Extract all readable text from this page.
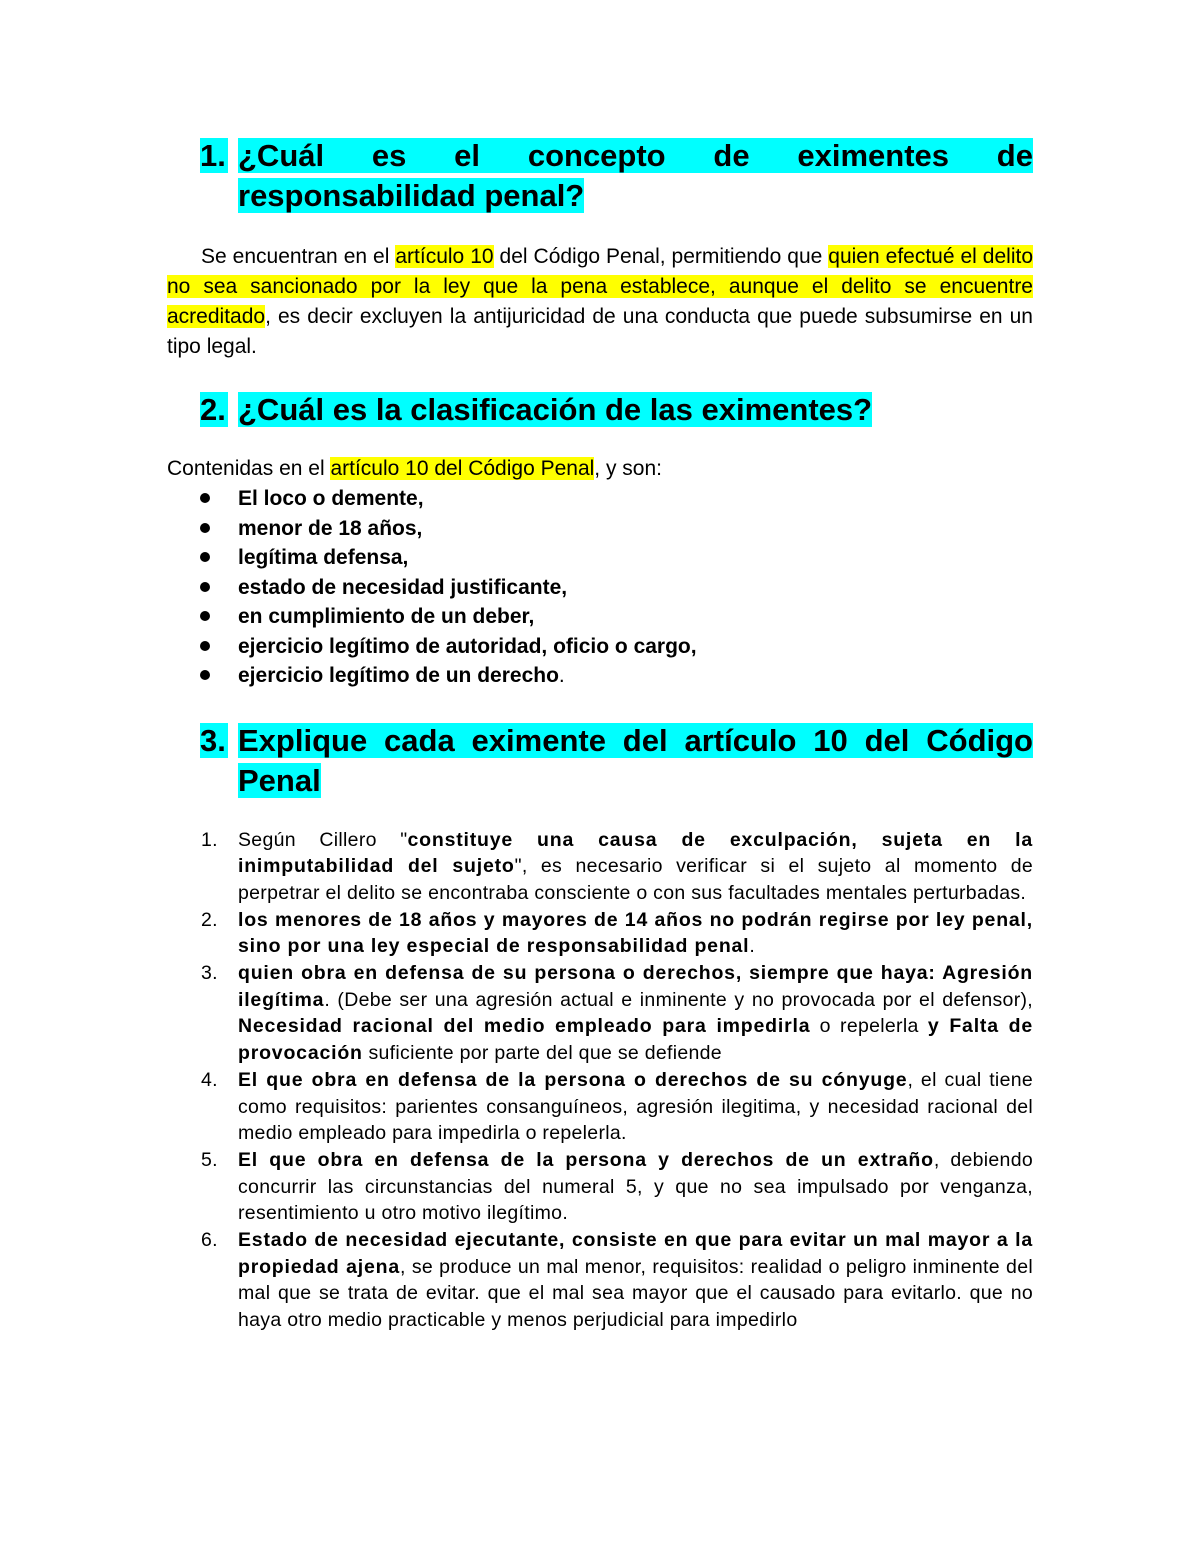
1. ¿Cuál es el concepto de eximentes de responsabilidad penal?

Se encuentran en el artículo 10 del Código Penal, permitiendo que quien efectué el delito no sea sancionado por la ley que la pena establece, aunque el delito se encuentre acreditado, es decir excluyen la antijuricidad de una conducta que puede subsumirse en un tipo legal.

2. ¿Cuál es la clasificación de las eximentes?

Contenidas en el artículo 10 del Código Penal, y son:

El loco o demente,
menor de 18 años,
legítima defensa,
estado de necesidad justificante,
en cumplimiento de un deber,
ejercicio legítimo de autoridad, oficio o cargo,
ejercicio legítimo de un derecho.
3. Explique cada eximente del artículo 10 del Código Penal
1. Según Cillero "constituye una causa de exculpación, sujeta en la inimputabilidad del sujeto", es necesario verificar si el sujeto al momento de perpetrar el delito se encontraba consciente o con sus facultades mentales perturbadas.
2. los menores de 18 años y mayores de 14 años no podrán regirse por ley penal, sino por una ley especial de responsabilidad penal.
3. quien obra en defensa de su persona o derechos, siempre que haya: Agresión ilegítima. (Debe ser una agresión actual e inminente y no provocada por el defensor), Necesidad racional del medio empleado para impedirla o repelerla y Falta de provocación suficiente por parte del que se defiende
4. El que obra en defensa de la persona o derechos de su cónyuge, el cual tiene como requisitos: parientes consanguíneos, agresión ilegitima, y necesidad racional del medio empleado para impedirla o repelerla.
5. El que obra en defensa de la persona y derechos de un extraño, debiendo concurrir las circunstancias del numeral 5, y que no sea impulsado por venganza, resentimiento u otro motivo ilegítimo.
6. Estado de necesidad ejecutante, consiste en que para evitar un mal mayor a la propiedad ajena, se produce un mal menor, requisitos: realidad o peligro inminente del mal que se trata de evitar. que el mal sea mayor que el causado para evitarlo. que no haya otro medio practicable y menos perjudicial para impedirlo
